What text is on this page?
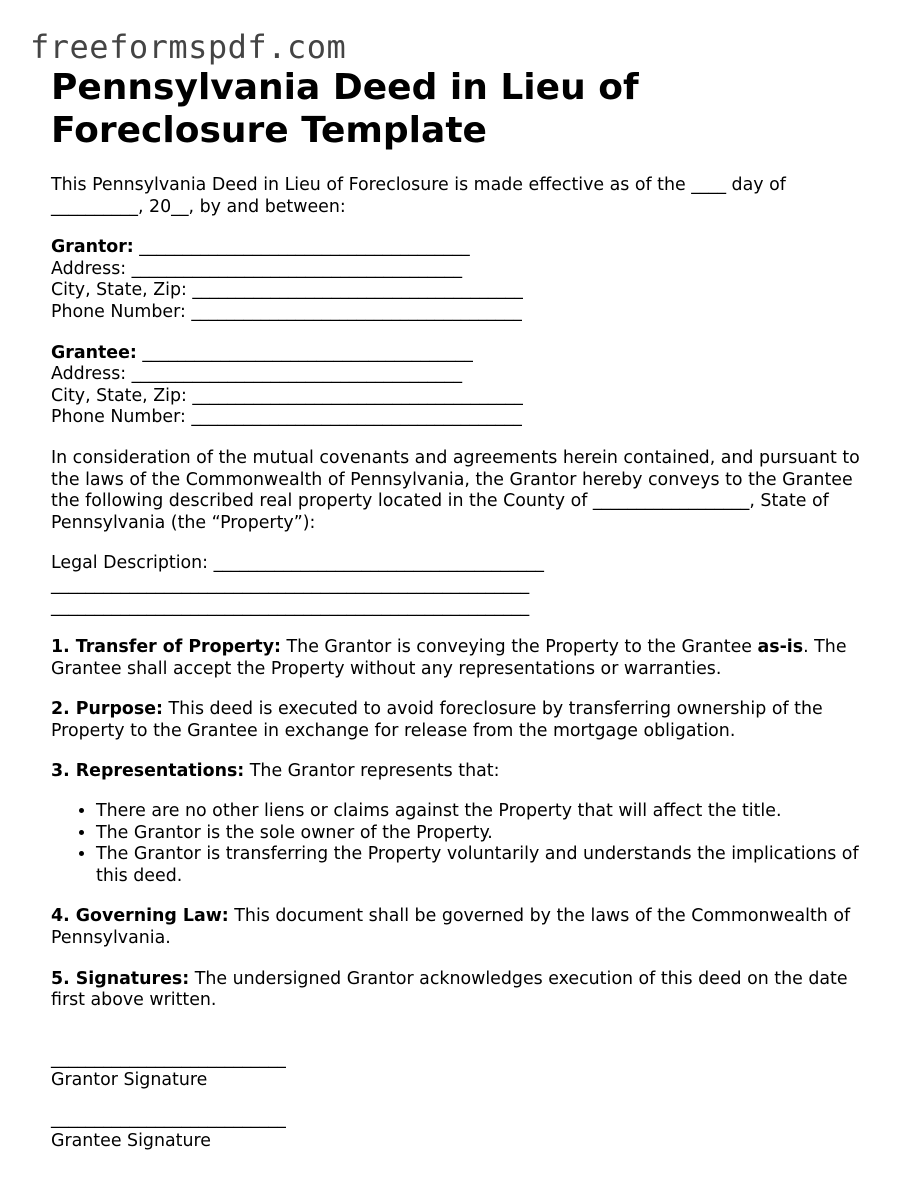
freeformspdf.com
Pennsylvania Deed in Lieu of Foreclosure Template

This Pennsylvania Deed in Lieu of Foreclosure is made effective as of the ____ day of __________, 20__, by and between:

Grantor: ______________________________________
Address: ______________________________________
City, State, Zip: ______________________________________
Phone Number: ______________________________________
Grantee: ______________________________________
Address: ______________________________________
City, State, Zip: ______________________________________
Phone Number: ______________________________________

In consideration of the mutual covenants and agreements herein contained, and pursuant to the laws of the Commonwealth of Pennsylvania, the Grantor hereby conveys to the Grantee the following described real property located in the County of __________________, State of Pennsylvania (the “Property”):

Legal Description: ______________________________________
_______________________________________________________
_______________________________________________________

1. Transfer of Property: The Grantor is conveying the Property to the Grantee as-is. The Grantee shall accept the Property without any representations or warranties.

2. Purpose: This deed is executed to avoid foreclosure by transferring ownership of the Property to the Grantee in exchange for release from the mortgage obligation.

3. Representations: The Grantor represents that:

• There are no other liens or claims against the Property that will affect the title.
• The Grantor is the sole owner of the Property.
• The Grantor is transferring the Property voluntarily and understands the implications of this deed.

4. Governing Law: This document shall be governed by the laws of the Commonwealth of Pennsylvania.

5. Signatures: The undersigned Grantor acknowledges execution of this deed on the date first above written.

___________________________
Grantor Signature
___________________________
Grantee Signature
